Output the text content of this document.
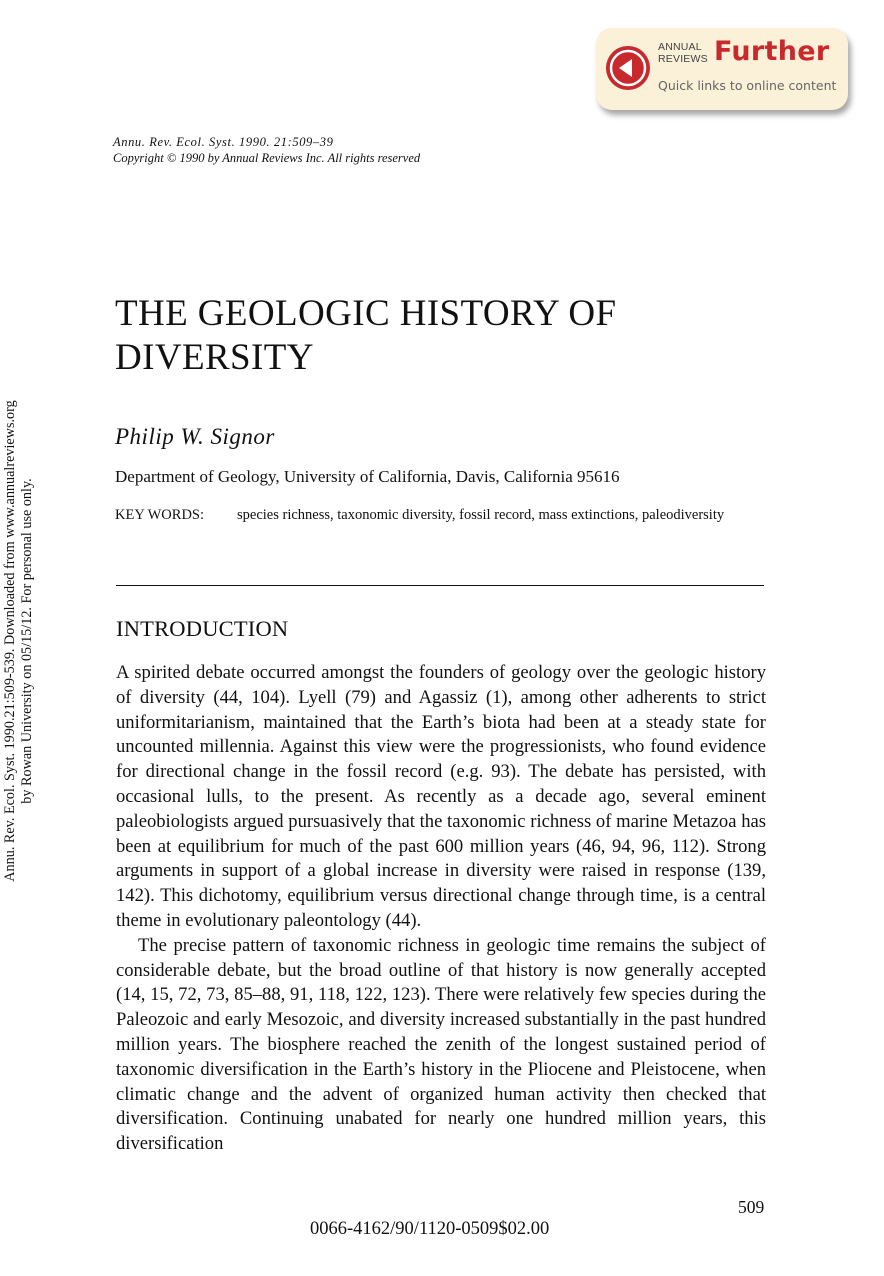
ANNUAL
REVIEWS Further
Quick links to online content
Annu. Rev. Ecol. Syst. 1990. 21:509–39
Copyright © 1990 by Annual Reviews Inc. All rights reserved
Annu. Rev. Ecol. Syst. 1990.21:509-539. Downloaded from www.annualreviews.org by Rowan University on 05/15/12. For personal use only.
THE GEOLOGIC HISTORY OF
DIVERSITY
Philip W. Signor
Department of Geology, University of California, Davis, California 95616
KEY WORDS: species richness, taxonomic diversity, fossil record, mass extinctions, paleodiversity
INTRODUCTION

A spirited debate occurred amongst the founders of geology over the geologic history of diversity (44, 104). Lyell (79) and Agassiz (1), among other adherents to strict uniformitarianism, maintained that the Earth’s biota had been at a steady state for uncounted millennia. Against this view were the progressionists, who found evidence for directional change in the fossil record (e.g. 93). The debate has persisted, with occasional lulls, to the present. As recently as a decade ago, several eminent paleobiologists argued pursuasively that the taxonomic richness of marine Metazoa has been at equilibrium for much of the past 600 million years (46, 94, 96, 112). Strong arguments in support of a global increase in diversity were raised in response (139, 142). This dichotomy, equilibrium versus directional change through time, is a central theme in evolutionary paleontology (44).

The precise pattern of taxonomic richness in geologic time remains the subject of considerable debate, but the broad outline of that history is now generally accepted (14, 15, 72, 73, 85–88, 91, 118, 122, 123). There were relatively few species during the Paleozoic and early Mesozoic, and diversity increased substantially in the past hundred million years. The biosphere reached the zenith of the longest sustained period of taxonomic diversification in the Earth’s history in the Pliocene and Pleistocene, when climatic change and the advent of organized human activity then checked that diversification. Continuing unabated for nearly one hundred million years, this diversification

509
0066-4162/90/1120-0509$02.00
